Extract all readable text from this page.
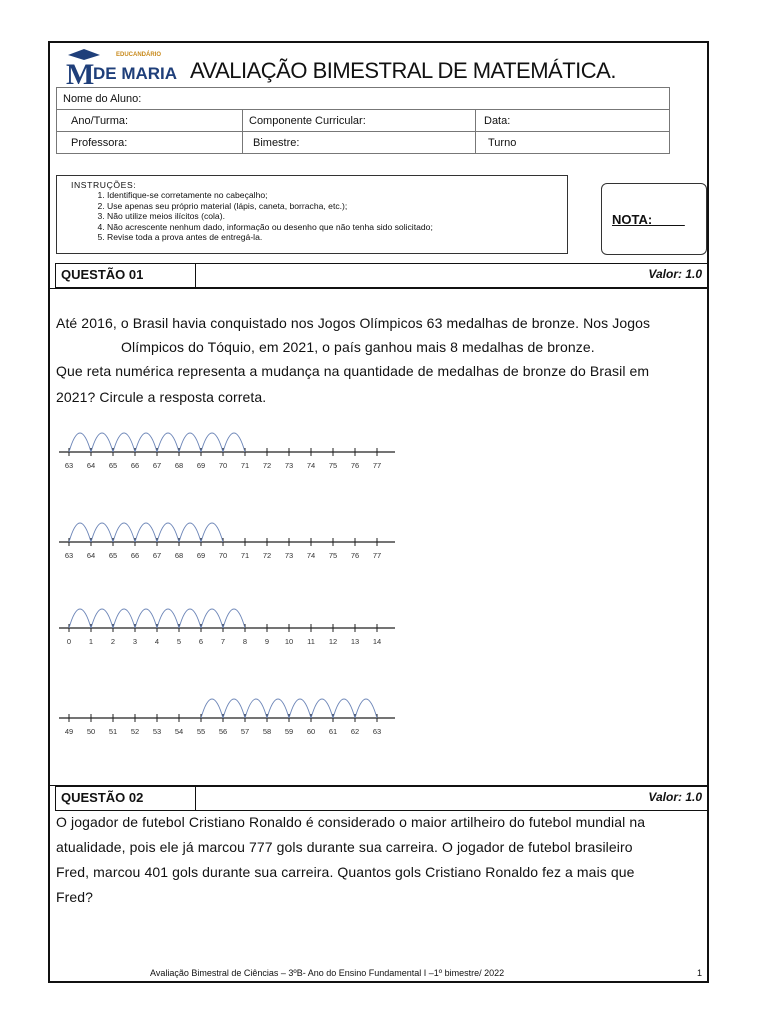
EDUCANDÁRIO
M
DE MARIA AVALIAÇÃO BIMESTRAL DE MATEMÁTICA.
Nome do Aluno:		
Ano/Turma:	Componente Curricular:	Data:
Professora:	Bimestre:	Turno
INSTRUÇÕES:
1. Identifique-se corretamente no cabeçalho;
2. Use apenas seu próprio material (lápis, caneta, borracha, etc.);
3. Não utilize meios ilícitos (cola).
4. Não acrescente nenhum dado, informação ou desenho que não tenha sido solicitado;
5. Revise toda a prova antes de entregá-la.
NOTA: ____
QUESTÃO 01	Valor: 1.0
Até 2016, o Brasil havia conquistado nos Jogos Olímpicos 63 medalhas de bronze. Nos Jogos
Olímpicos do Tóquio, em 2021, o país ganhou mais 8 medalhas de bronze.
Que reta numérica representa a mudança na quantidade de medalhas de bronze do Brasil em
2021? Circule a resposta correta.
63 64 65 66 67 68 69 70 71 72 73 74 75 76 77
63 64 65 66 67 68 69 70 71 72 73 74 75 76 77
0 1 2 3 4 5 6 7 8 9 10 11 12 13 14
49 50 51 52 53 54 55 56 57 58 59 60 61 62 63
QUESTÃO 02	Valor: 1.0
O jogador de futebol Cristiano Ronaldo é considerado o maior artilheiro do futebol mundial na
atualidade, pois ele já marcou 777 gols durante sua carreira. O jogador de futebol brasileiro
Fred, marcou 401 gols durante sua carreira. Quantos gols Cristiano Ronaldo fez a mais que
Fred?
Avaliação Bimestral de Ciências – 3ºB- Ano do Ensino Fundamental I –1º bimestre/ 2022	1
